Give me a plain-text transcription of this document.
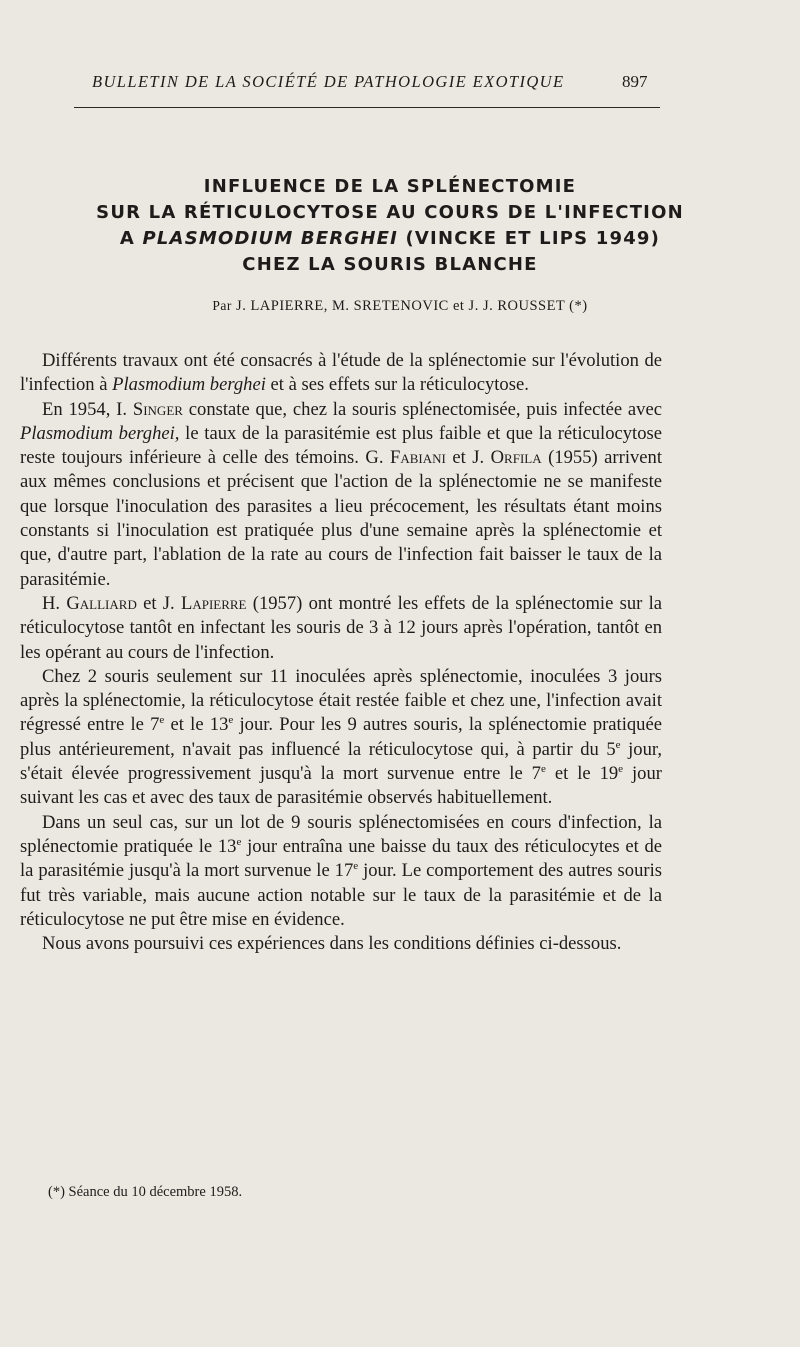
BULLETIN DE LA SOCIÉTÉ DE PATHOLOGIE EXOTIQUE	897
INFLUENCE DE LA SPLÉNECTOMIE
SUR LA RÉTICULOCYTOSE AU COURS DE L'INFECTION
A PLASMODIUM BERGHEI (VINCKE ET LIPS 1949)
CHEZ LA SOURIS BLANCHE
Par J. LAPIERRE, M. SRETENOVIC et J. J. ROUSSET (*)

Différents travaux ont été consacrés à l'étude de la splénectomie sur l'évolution de l'infection à Plasmodium berghei et à ses effets sur la réticulocytose.

En 1954, I. Singer constate que, chez la souris splénectomisée, puis infectée avec Plasmodium berghei, le taux de la parasitémie est plus faible et que la réticulocytose reste toujours inférieure à celle des témoins. G. Fabiani et J. Orfila (1955) arrivent aux mêmes conclusions et précisent que l'action de la splénectomie ne se manifeste que lorsque l'inoculation des parasites a lieu précocement, les résultats étant moins constants si l'inoculation est pratiquée plus d'une semaine après la splénectomie et que, d'autre part, l'ablation de la rate au cours de l'infection fait baisser le taux de la parasitémie.

H. Galliard et J. Lapierre (1957) ont montré les effets de la splénectomie sur la réticulocytose tantôt en infectant les souris de 3 à 12 jours après l'opération, tantôt en les opérant au cours de l'infection.

Chez 2 souris seulement sur 11 inoculées après splénectomie, inoculées 3 jours après la splénectomie, la réticulocytose était restée faible et chez une, l'infection avait régressé entre le 7e et le 13e jour. Pour les 9 autres souris, la splénectomie pratiquée plus antérieurement, n'avait pas influencé la réticulocytose qui, à partir du 5e jour, s'était élevée progressivement jusqu'à la mort survenue entre le 7e et le 19e jour suivant les cas et avec des taux de parasitémie observés habituellement.

Dans un seul cas, sur un lot de 9 souris splénectomisées en cours d'infection, la splénectomie pratiquée le 13e jour entraîna une baisse du taux des réticulocytes et de la parasitémie jusqu'à la mort survenue le 17e jour. Le comportement des autres souris fut très variable, mais aucune action notable sur le taux de la parasitémie et de la réticulocytose ne put être mise en évidence.

Nous avons poursuivi ces expériences dans les conditions définies ci-dessous.

(*) Séance du 10 décembre 1958.
